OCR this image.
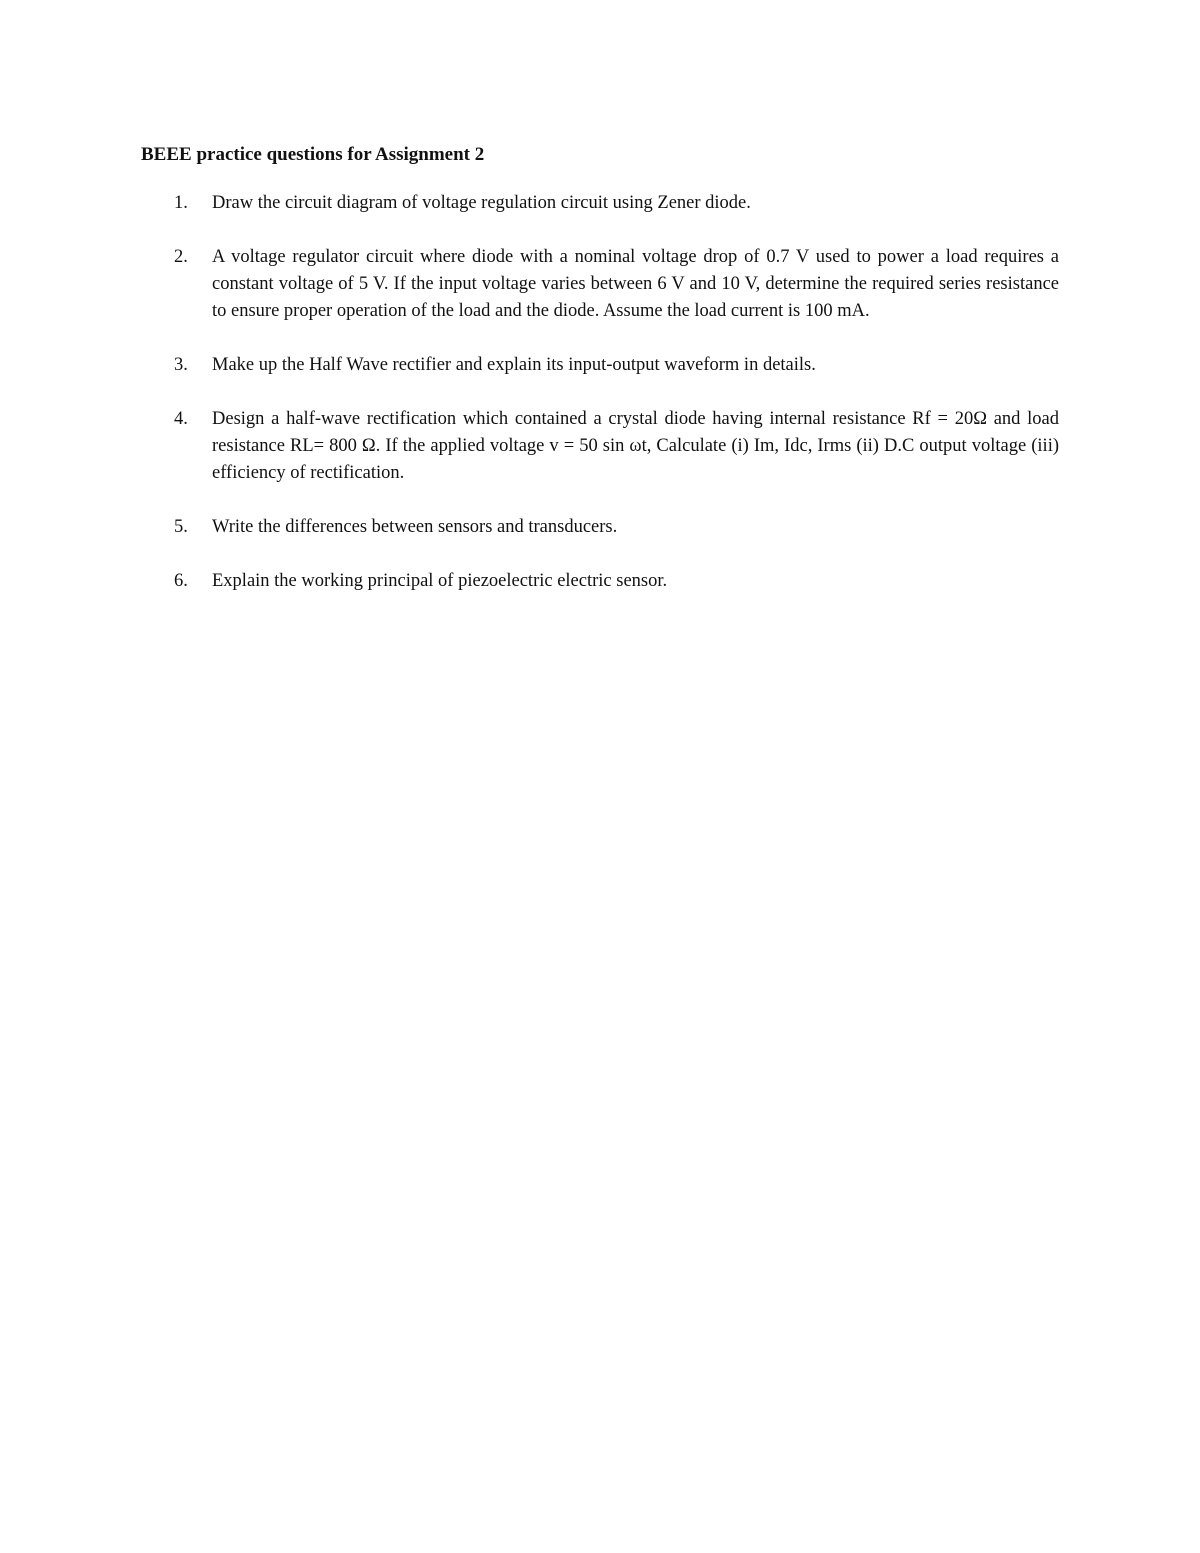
BEEE practice questions for Assignment 2
1.	Draw the circuit diagram of voltage regulation circuit using Zener diode.
2.	A voltage regulator circuit where diode with a nominal voltage drop of 0.7 V used to power a load requires a constant voltage of 5 V. If the input voltage varies between 6 V and 10 V, determine the required series resistance to ensure proper operation of the load and the diode. Assume the load current is 100 mA.
3.	Make up the Half Wave rectifier and explain its input-output waveform in details.
4.	Design a half-wave rectification which contained a crystal diode having internal resistance Rf = 20Ω and load resistance RL= 800 Ω. If the applied voltage v = 50 sin ωt, Calculate (i) Im, Idc, Irms (ii) D.C output voltage (iii) efficiency of rectification.
5.	Write the differences between sensors and transducers.
6.	Explain the working principal of piezoelectric electric sensor.
